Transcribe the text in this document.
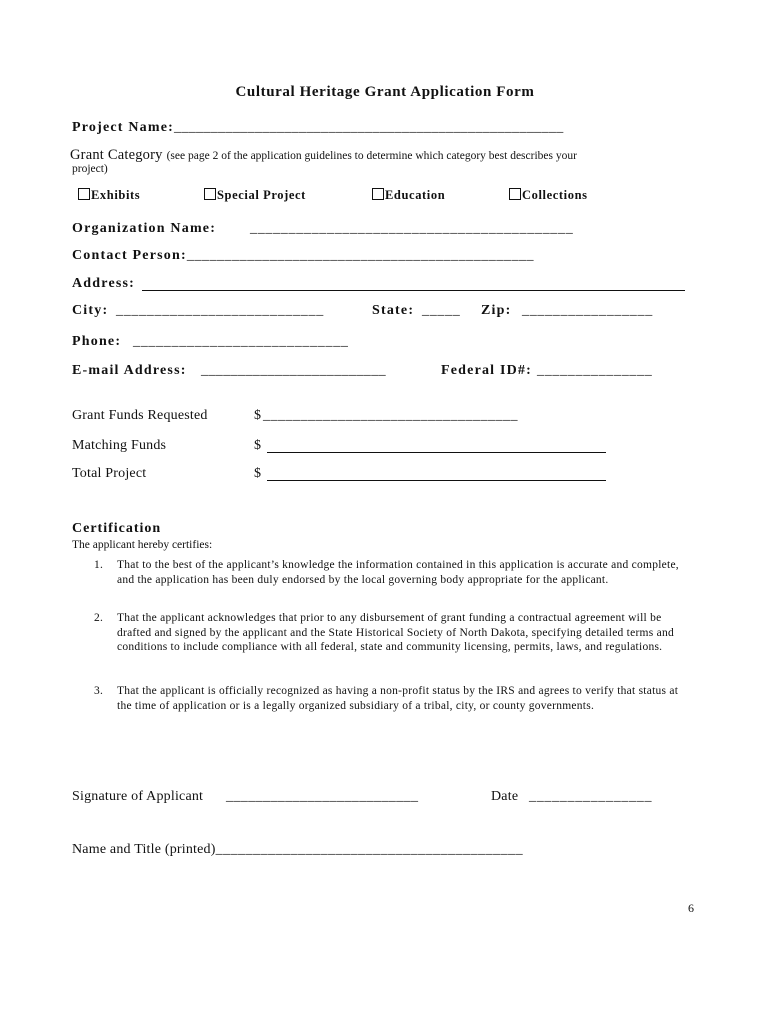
Cultural Heritage Grant Application Form
Project Name:_____________________________________________________
Grant Category (see page 2 of the application guidelines to determine which category best describes your
project)
Exhibits	Special Project	Education	Collections
Organization Name: __________________________________________
Contact Person:______________________________________________
Address:
City: ___________________________	State: _____ Zip: _________________
Phone: ____________________________
E-mail Address: _________________________	Federal ID#: _______________
Grant Funds Requested	$ __________________________________
Matching Funds	$
Total Project	$
Certification
The applicant hereby certifies:
1. That to the best of the applicant’s knowledge the information contained in this application is accurate and complete, and the application has been duly endorsed by the local governing body appropriate for the applicant.
2. That the applicant acknowledges that prior to any disbursement of grant funding a contractual agreement will be drafted and signed by the applicant and the State Historical Society of North Dakota, specifying detailed terms and conditions to include compliance with all federal, state and community licensing, permits, laws, and regulations.
3. That the applicant is officially recognized as having a non-profit status by the IRS and agrees to verify that status at the time of application or is a legally organized subsidiary of a tribal, city, or county governments.
Signature of Applicant __________________________	Date ________________
Name and Title (printed)_________________________________________
6
